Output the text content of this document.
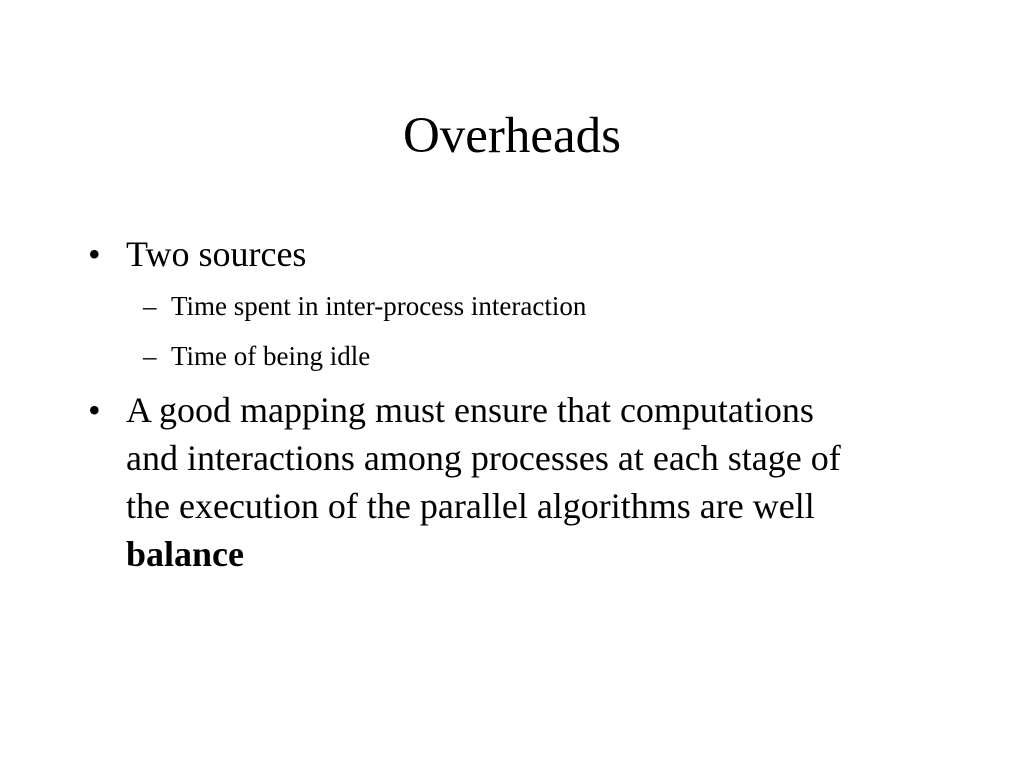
Overheads
• Two sources
– Time spent in inter-process interaction
– Time of being idle
• A good mapping must ensure that computations
and interactions among processes at each stage of
the execution of the parallel algorithms are well
balance
